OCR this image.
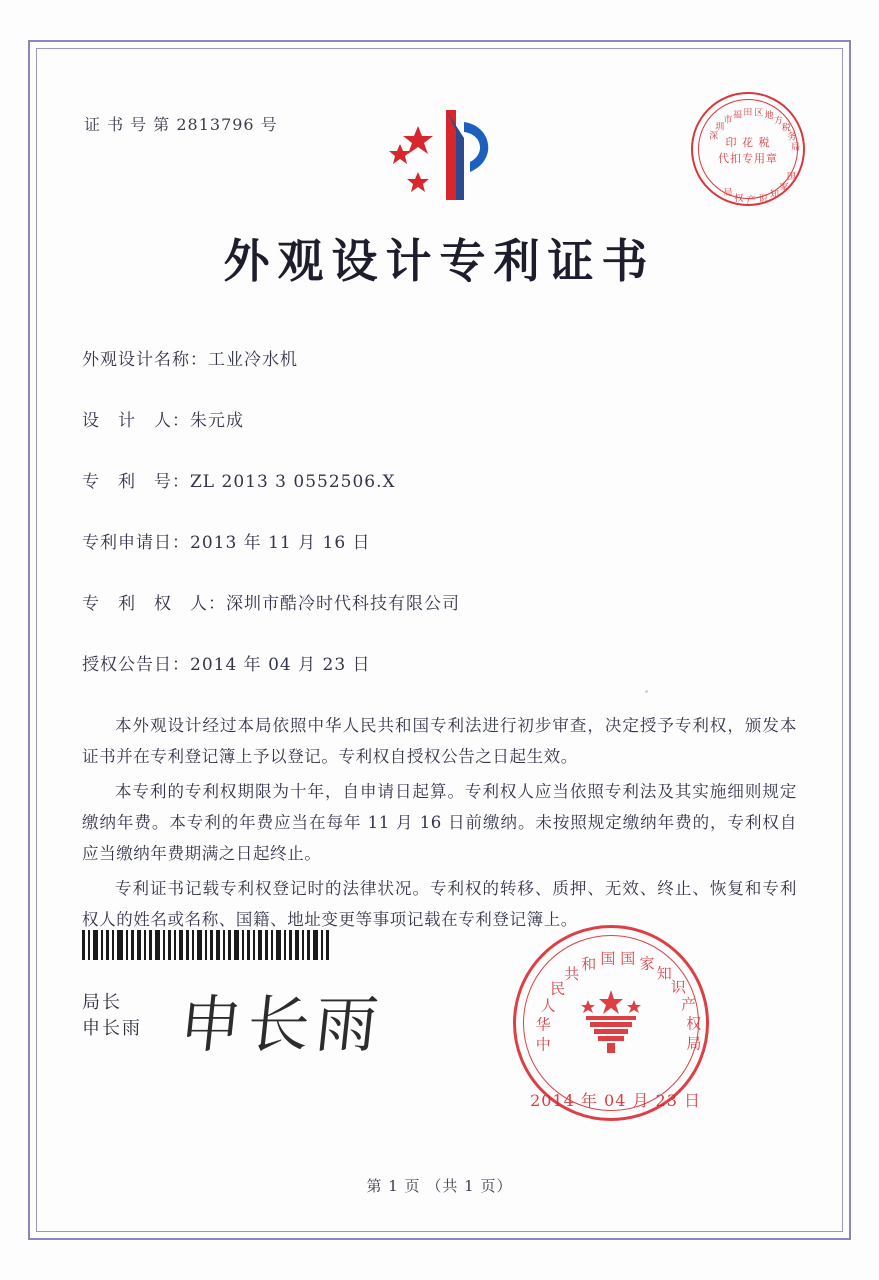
证 书 号 第 2813796 号
深
圳
市 福 田 区 地
方
税
务
局
印 花 税
代扣专用章
国
家
知
识
产
权
局
外观设计专利证书
外观设计名称：工业冷水机
设　计　人：朱元成
专　利　号：ZL 2013 3 0552506.X
专利申请日：2013 年 11 月 16 日
专　利　权　人：深圳市酷冷时代科技有限公司
授权公告日：2014 年 04 月 23 日

本外观设计经过本局依照中华人民共和国专利法进行初步审查，决定授予专利权，颁发本证书并在专利登记簿上予以登记。专利权自授权公告之日起生效。

本专利的专利权期限为十年，自申请日起算。专利权人应当依照专利法及其实施细则规定缴纳年费。本专利的年费应当在每年 11 月 16 日前缴纳。未按照规定缴纳年费的，专利权自应当缴纳年费期满之日起终止。

专利证书记载专利权登记时的法律状况。专利权的转移、质押、无效、终止、恢复和专利权人的姓名或名称、国籍、地址变更等事项记载在专利登记簿上。

局长
申长雨 申长雨	中
华
人
民
共
和 国 国 家
知
识
产
权
局
2014 年 04 月 23 日
第 1 页 （共 1 页）
